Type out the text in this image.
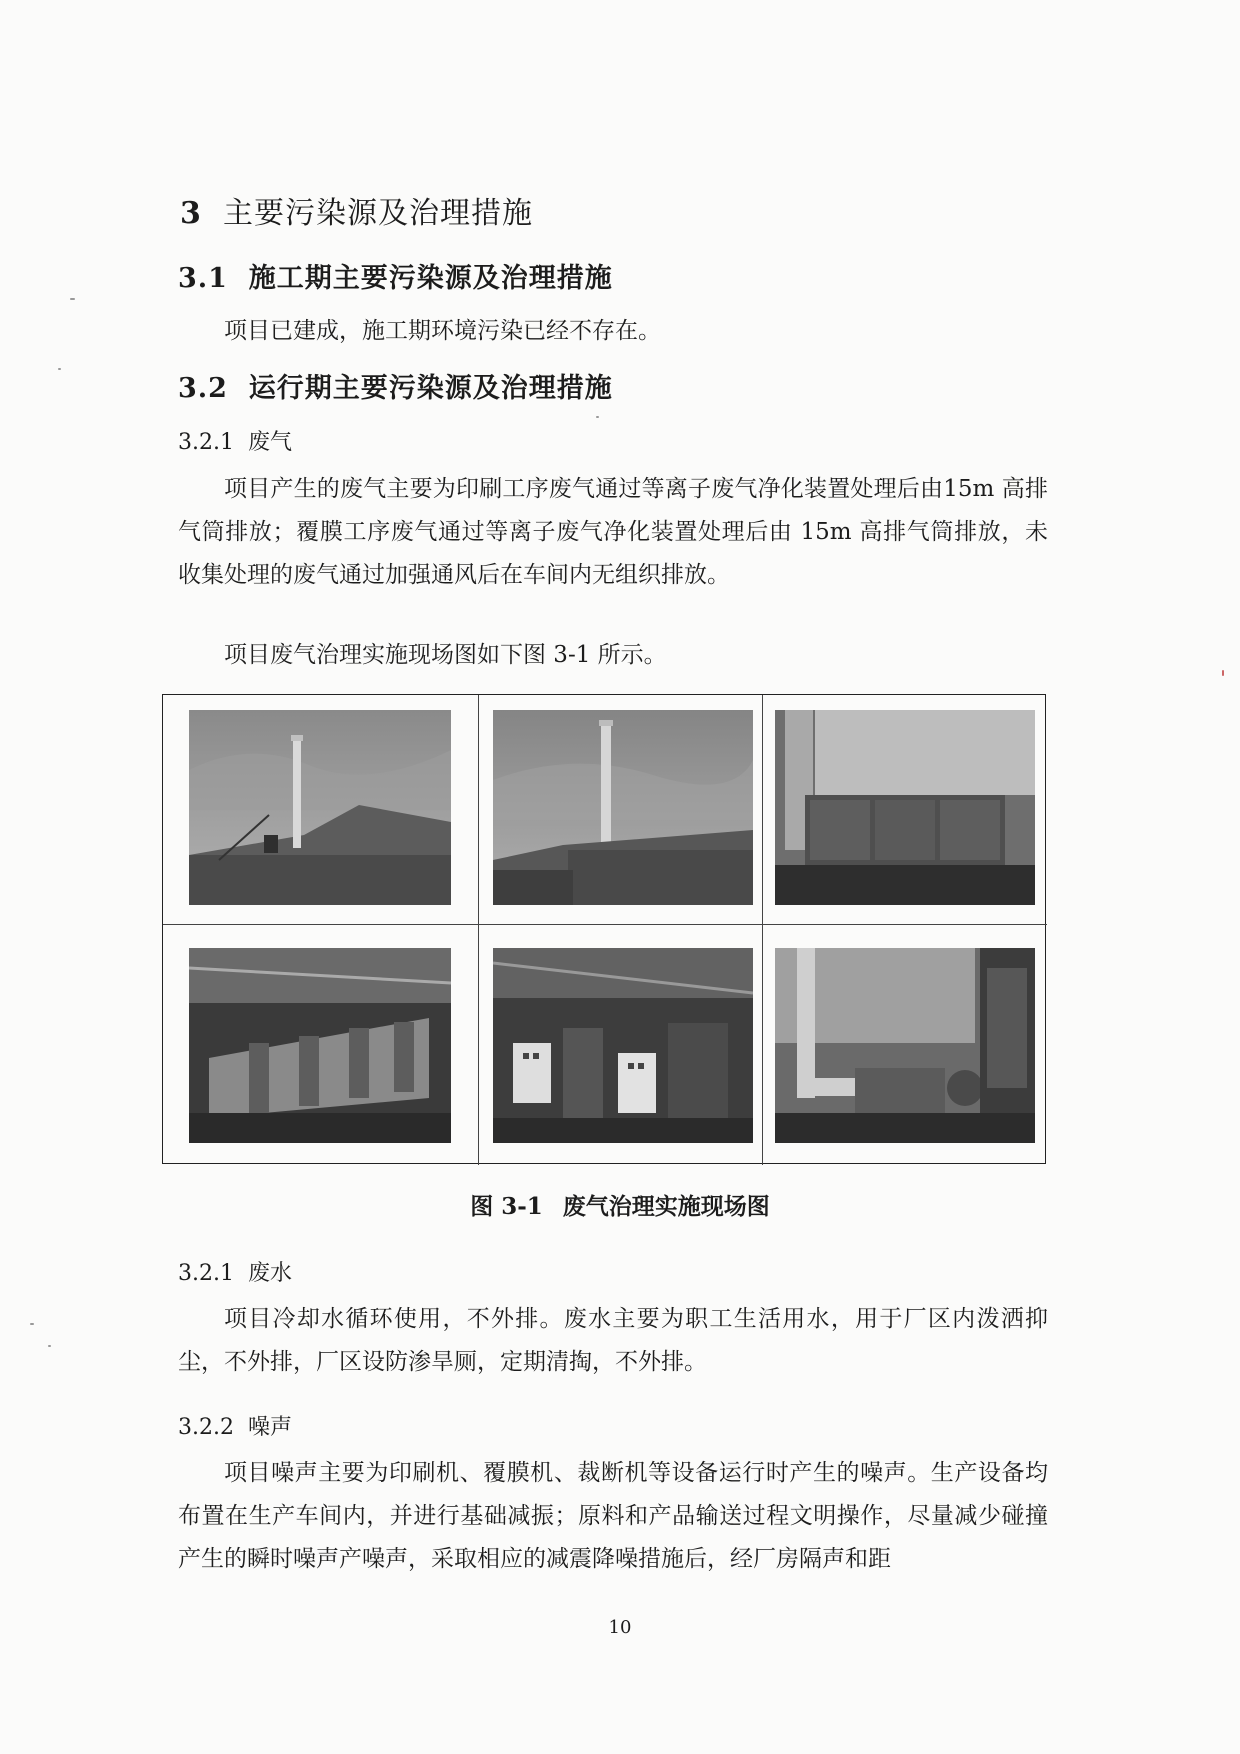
3 主要污染源及治理措施
3.1 施工期主要污染源及治理措施
项目已建成，施工期环境污染已经不存在。
3.2 运行期主要污染源及治理措施
3.2.1 废气

项目产生的废气主要为印刷工序废气通过等离子废气净化装置处理后由15m 高排气筒排放；覆膜工序废气通过等离子废气净化装置处理后由 15m 高排气筒排放，未收集处理的废气通过加强通风后在车间内无组织排放。

项目废气治理实施现场图如下图 3-1 所示。
图 3-1 废气治理实施现场图
3.2.1 废水

项目冷却水循环使用，不外排。废水主要为职工生活用水，用于厂区内泼洒抑尘，不外排，厂区设防渗旱厕，定期清掏，不外排。

3.2.2 噪声

项目噪声主要为印刷机、覆膜机、裁断机等设备运行时产生的噪声。生产设备均布置在生产车间内，并进行基础减振；原料和产品输送过程文明操作，尽量减少碰撞产生的瞬时噪声产噪声，采取相应的减震降噪措施后，经厂房隔声和距

10
